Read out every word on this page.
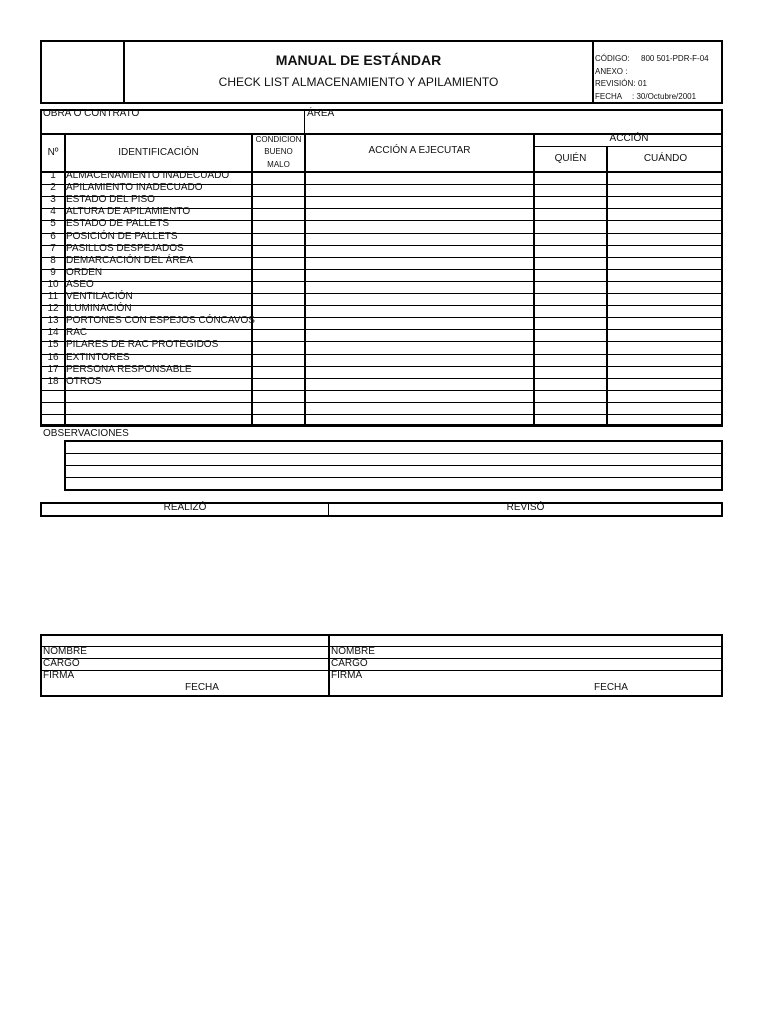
MANUAL DE ESTÁNDAR
CHECK LIST ALMACENAMIENTO Y APILAMIENTO
CÓDIGO: 800 501-PDR-F-04
ANEXO :
REVISIÓN: 01
FECHA : 30/Octubre/2001
OBRA O CONTRATO	ÁREA
Nº	IDENTIFICACIÓN
CONDICION
BUENO
MALO
ACCIÓN A EJECUTAR
ACCIÓN
QUIÉN	CUÁNDO
1	ALMACENAMIENTO INADECUADO
2	APILAMIENTO INADECUADO
3	ESTADO DEL PISO
4	ALTURA DE APILAMIENTO
5	ESTADO DE PALLETS
6	POSICIÓN DE PALLETS
7	PASILLOS DESPEJADOS
8	DEMARCACIÓN DEL ÁREA
9	ORDEN
10 ASEO
11 VENTILACIÓN
12 ILUMINACIÓN
13 PORTONES CON ESPEJOS CÓNCAVOS
14 RAC
15 PILARES DE RAC PROTEGIDOS
16 EXTINTORES
17 PERSONA RESPONSABLE
18 OTROS
OBSERVACIONES
REALIZÓ	REVISÓ
NOMBRE
CARGO
FIRMA
FECHA
NOMBRE
CARGO
FIRMA
FECHA
